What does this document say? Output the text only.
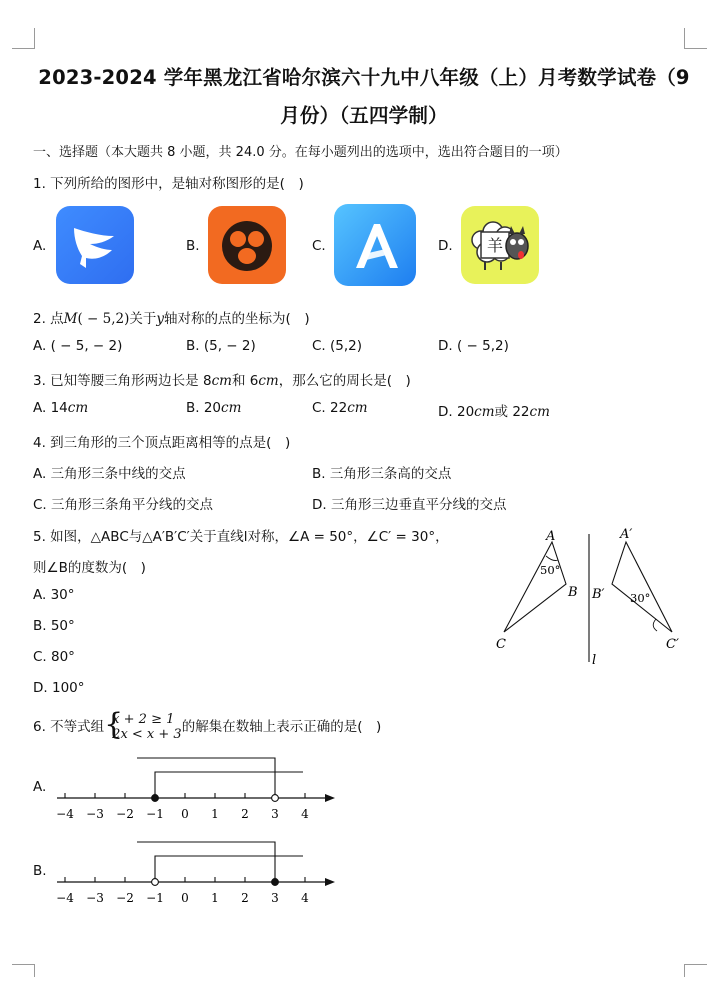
2023-2024 学年黑龙江省哈尔滨六十九中八年级（上）月考数学试卷（9
月份）（五四学制）
一、选择题（本大题共 8 小题，共 24.0 分。在每小题列出的选项中，选出符合题目的一项）
1. 下列所给的图形中，是轴对称图形的是(　)
A.	B.	C.	D. 羊
2. 点M( − 5,2)关于y轴对称的点的坐标为(　)
A. ( − 5, − 2)	B. (5, − 2)	C. (5,2)	D. ( − 5,2)
3. 已知等腰三角形两边长是 8cm和 6cm，那么它的周长是(　)
A. 14cm	B. 20cm	C. 22cm	D. 20cm或 22cm
4. 到三角形的三个顶点距离相等的点是(　)
A. 三角形三条中线的交点	B. 三角形三条高的交点
C. 三角形三条角平分线的交点	D. 三角形三边垂直平分线的交点
5. 如图，△ABC与△A′B′C′关于直线l对称，∠A = 50°，∠C′ = 30°，
则∠B的度数为(　)
A. 30°
B. 50°
C. 80°
D. 100°
A
B
C
A′
B′
C′
l
50°
30°
6. 不等式组 {
x + 2 ≥ 1
2x < x + 3 的解集在数轴上表示正确的是(　)
A.
−4 −3 −2 −1 0 1 2 3 4
B.
−4 −3 −2 −1 0 1 2 3 4
